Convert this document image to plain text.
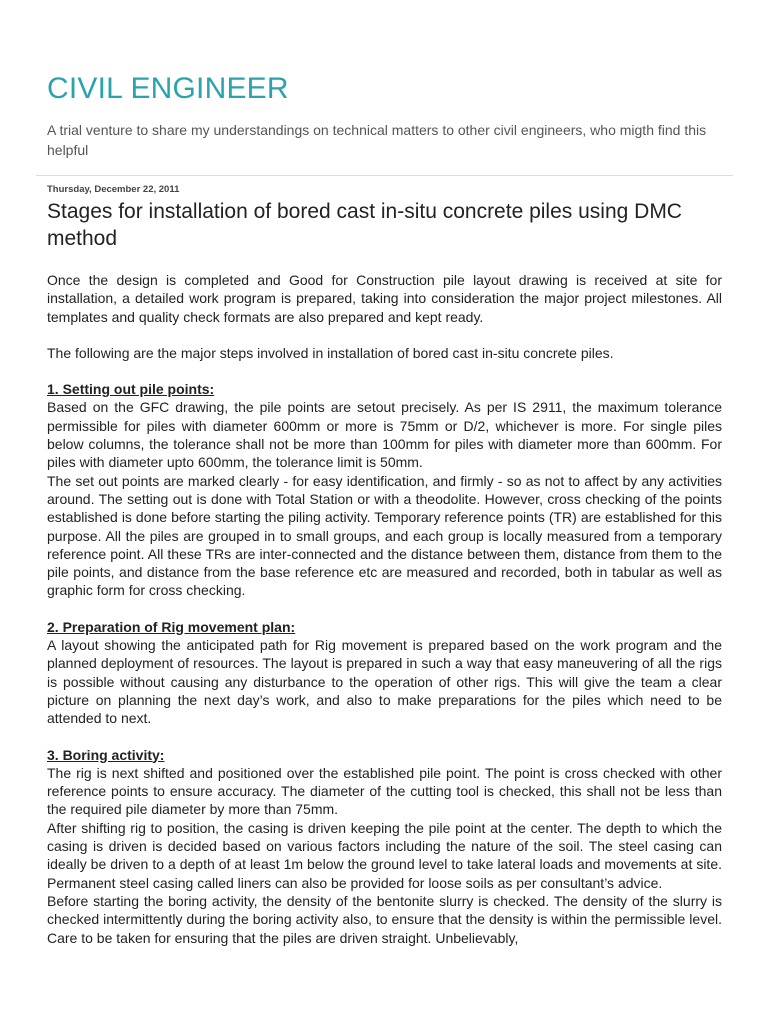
CIVIL ENGINEER
A trial venture to share my understandings on technical matters to other civil engineers, who migth find this helpful
Thursday, December 22, 2011
Stages for installation of bored cast in-situ concrete piles using DMC method

Once the design is completed and Good for Construction pile layout drawing is received at site for installation, a detailed work program is prepared, taking into consideration the major project milestones. All templates and quality check formats are also prepared and kept ready.

The following are the major steps involved in installation of bored cast in-situ concrete piles.

1. Setting out pile points:

Based on the GFC drawing, the pile points are setout precisely. As per IS 2911, the maximum tolerance permissible for piles with diameter 600mm or more is 75mm or D/2, whichever is more. For single piles below columns, the tolerance shall not be more than 100mm for piles with diameter more than 600mm. For piles with diameter upto 600mm, the tolerance limit is 50mm.

The set out points are marked clearly - for easy identification, and firmly - so as not to affect by any activities around. The setting out is done with Total Station or with a theodolite. However, cross checking of the points established is done before starting the piling activity. Temporary reference points (TR) are established for this purpose. All the piles are grouped in to small groups, and each group is locally measured from a temporary reference point. All these TRs are inter-connected and the distance between them, distance from them to the pile points, and distance from the base reference etc are measured and recorded, both in tabular as well as graphic form for cross checking.

2. Preparation of Rig movement plan:

A layout showing the anticipated path for Rig movement is prepared based on the work program and the planned deployment of resources. The layout is prepared in such a way that easy maneuvering of all the rigs is possible without causing any disturbance to the operation of other rigs. This will give the team a clear picture on planning the next day’s work, and also to make preparations for the piles which need to be attended to next.

3. Boring activity:

The rig is next shifted and positioned over the established pile point. The point is cross checked with other reference points to ensure accuracy. The diameter of the cutting tool is checked, this shall not be less than the required pile diameter by more than 75mm.

After shifting rig to position, the casing is driven keeping the pile point at the center. The depth to which the casing is driven is decided based on various factors including the nature of the soil. The steel casing can ideally be driven to a depth of at least 1m below the ground level to take lateral loads and movements at site. Permanent steel casing called liners can also be provided for loose soils as per consultant’s advice.

Before starting the boring activity, the density of the bentonite slurry is checked. The density of the slurry is checked intermittently during the boring activity also, to ensure that the density is within the permissible level. Care to be taken for ensuring that the piles are driven straight. Unbelievably,
